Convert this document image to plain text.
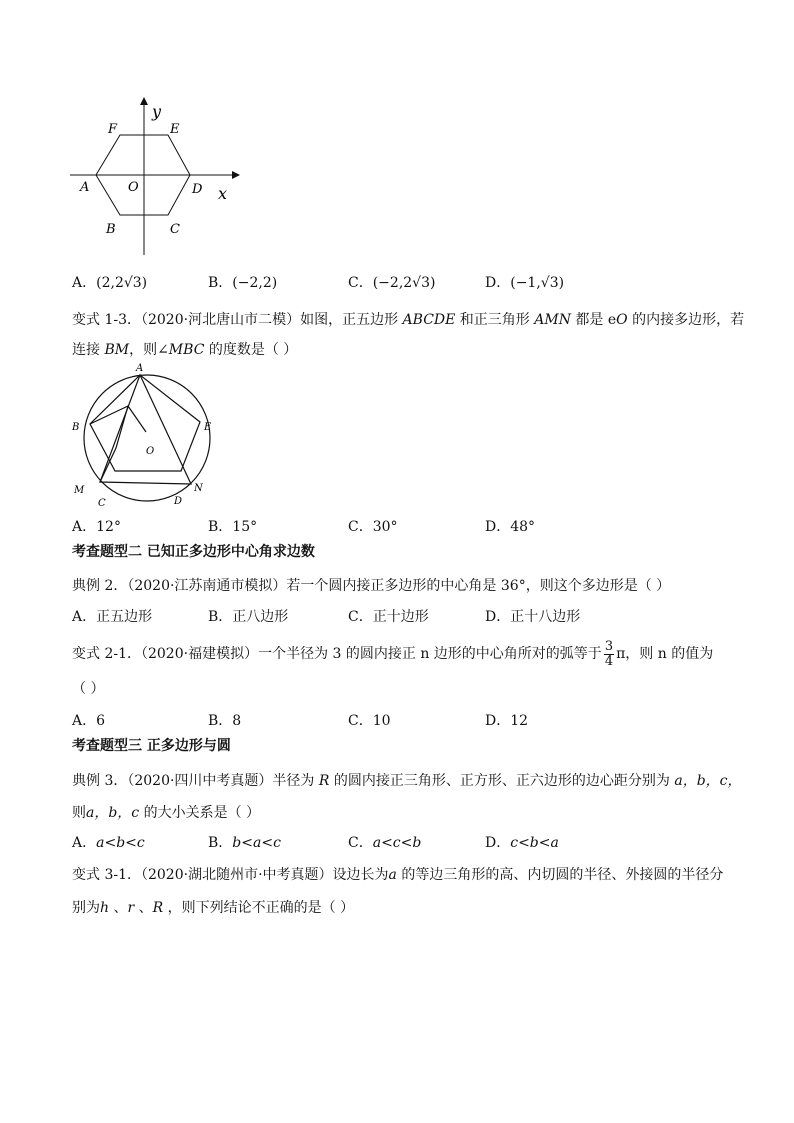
y
x
F	E
A	O	D
B	C
A．(2,2√3)	B．(−2,2)	C．(−2,2√3)	D．(−1,√3)
变式 1-3．（2020·河北唐山市二模）如图，正五边形 ABCDE 和正三角形 AMN 都是 eO 的内接多边形，若
连接 BM，则∠MBC 的度数是（ ）
A
B	E
O
M
C	D
N
A．12°	B．15°	C．30°	D．48°
考查题型二 已知正多边形中心角求边数
典例 2．（2020·江苏南通市模拟）若一个圆内接正多边形的中心角是 36°，则这个多边形是（ ）
A．正五边形	B．正八边形	C．正十边形	D．正十八边形
变式 2-1．（2020·福建模拟）一个半径为 3 的圆内接正 n 边形的中心角所对的弧等于 $\frac{3}{4}$ π，则 n 的值为
（ ）
A．6	B．8	C．10	D．12
考查题型三 正多边形与圆
典例 3．（2020·四川中考真题）半径为 R 的圆内接正三角形、正方形、正六边形的边心距分别为 a，b，c，
则a，b，c 的大小关系是（ ）
A．a<b<c	B．b<a<c	C．a<c<b	D．c<b<a
变式 3-1．（2020·湖北随州市·中考真题）设边长为a 的等边三角形的高、内切圆的半径、外接圆的半径分
别为h 、r 、R ，则下列结论不正确的是（ ）
